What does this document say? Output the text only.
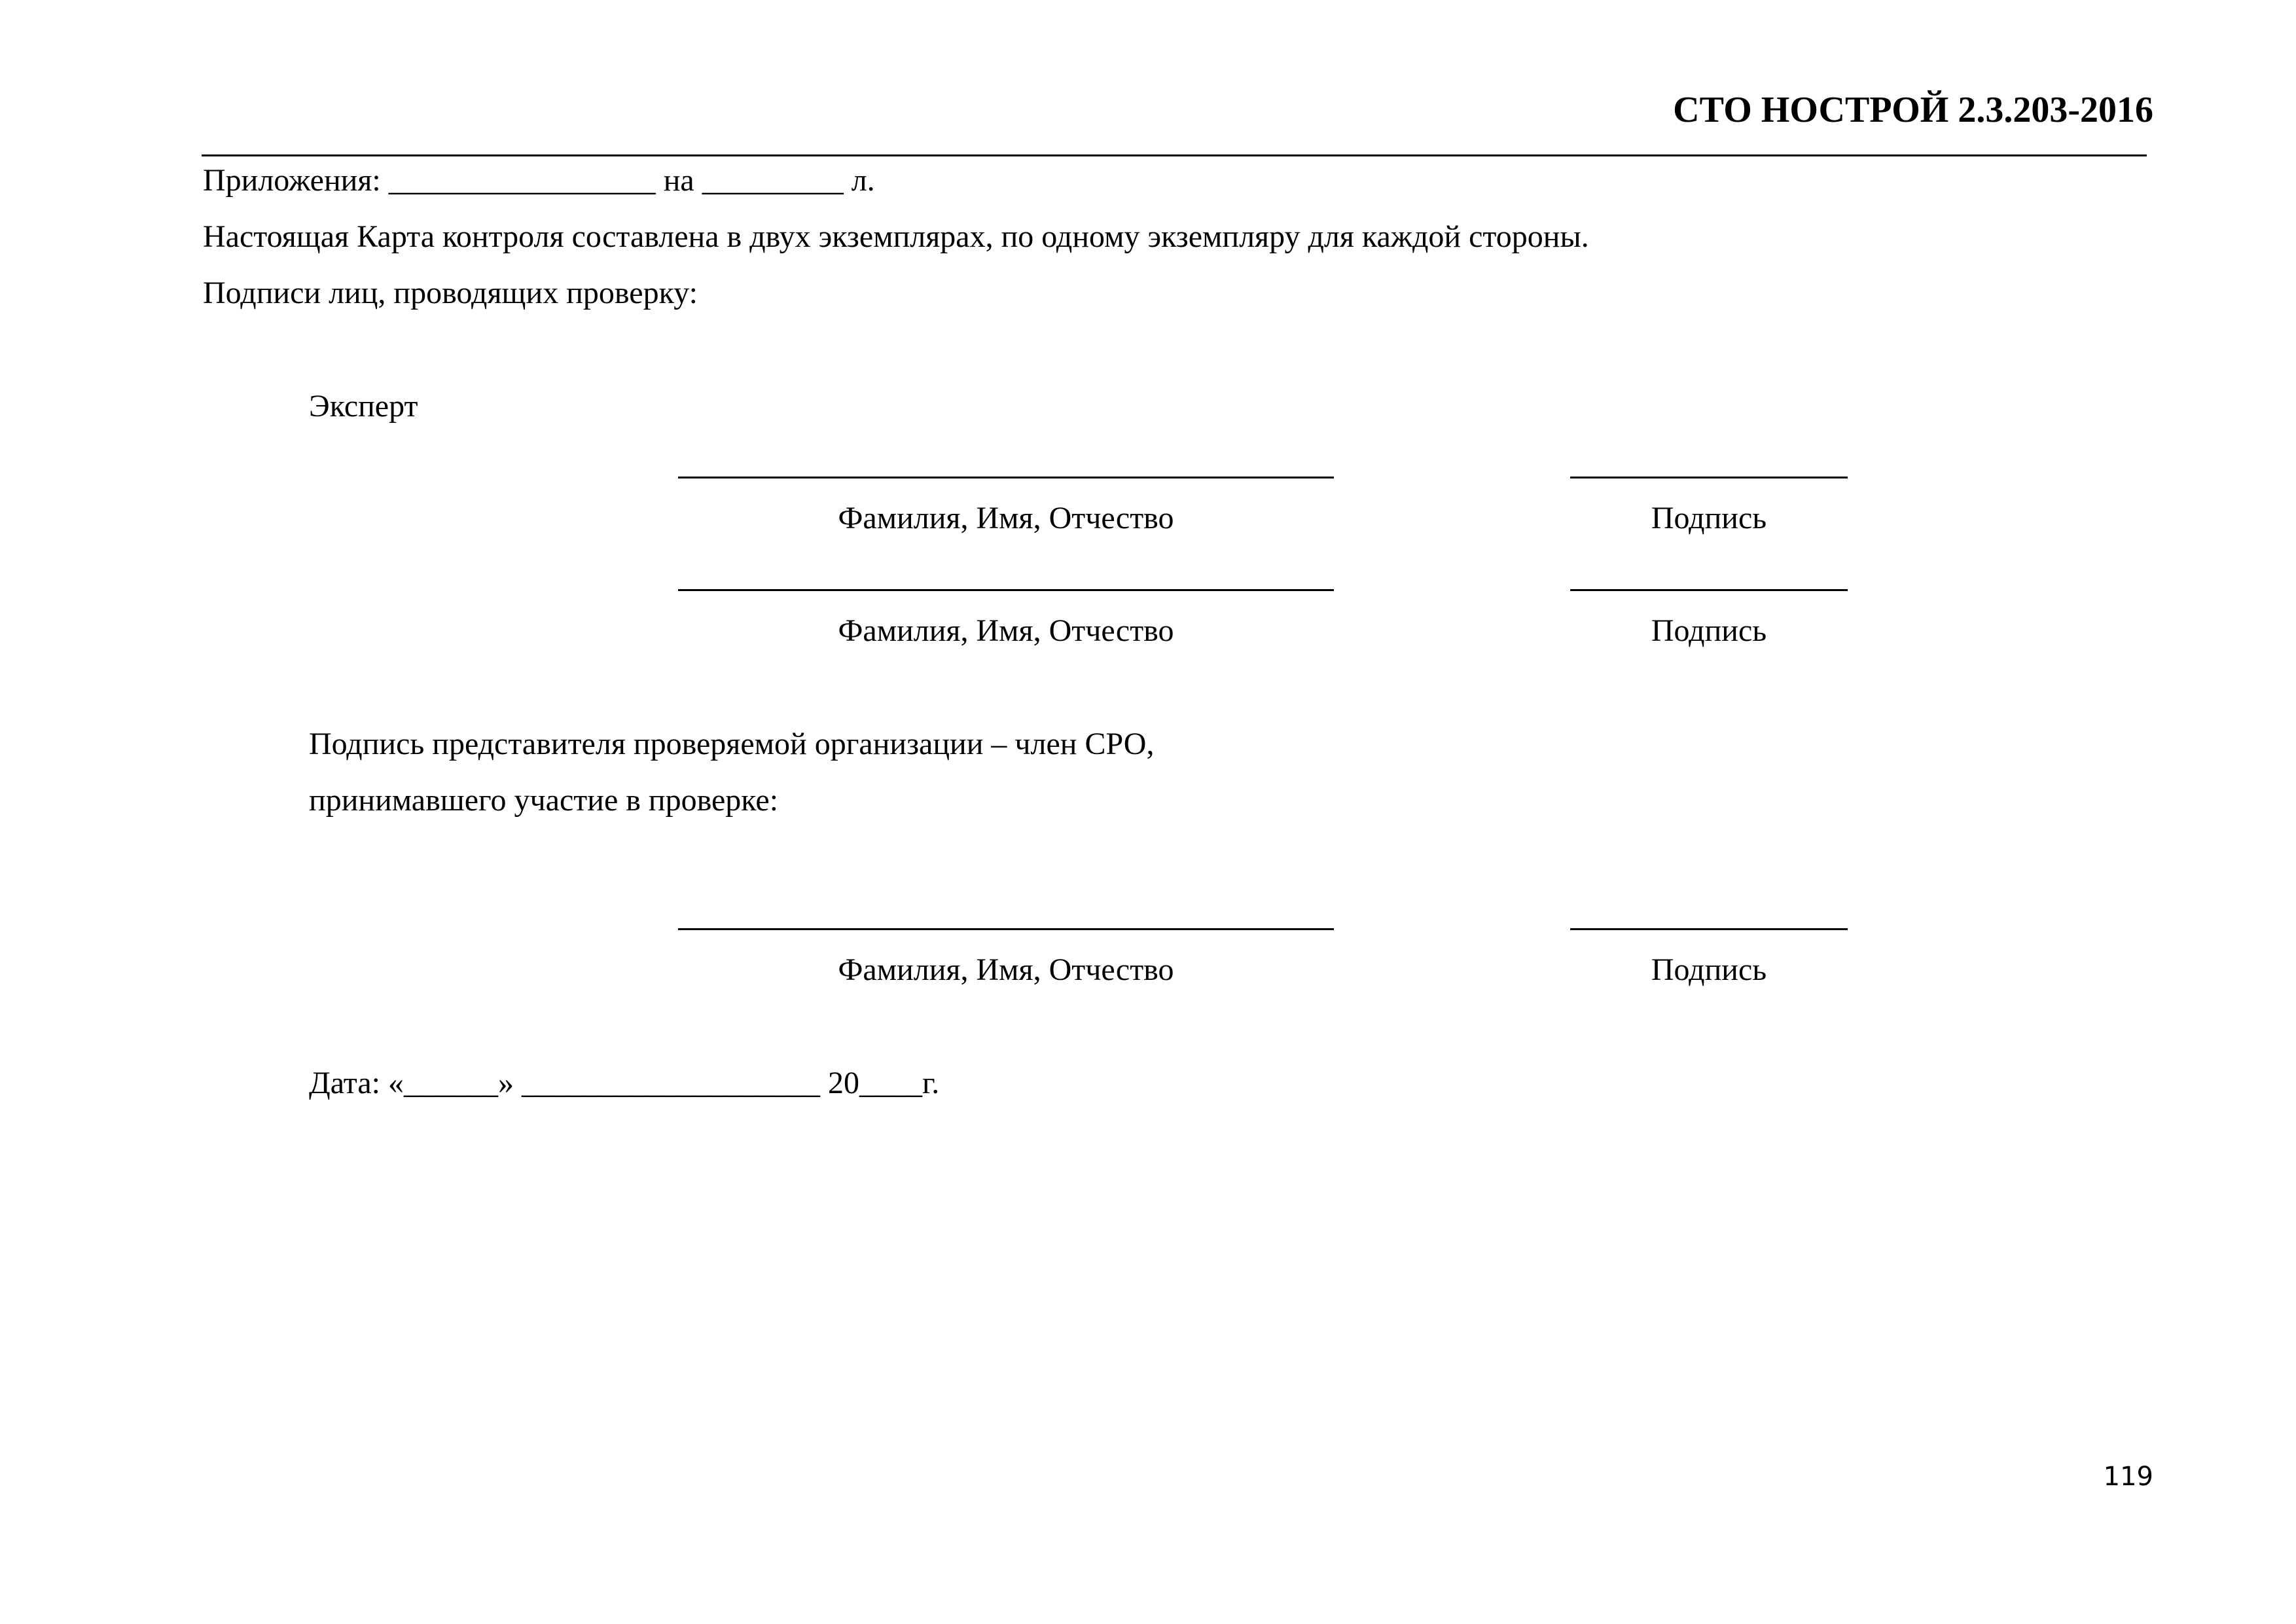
СТО НОСТРОЙ 2.3.203-2016
Приложения: _________________ на _________ л.
Настоящая Карта контроля составлена в двух экземплярах, по одному экземпляру для каждой стороны.
Подписи лиц, проводящих проверку:
Эксперт
Фамилия, Имя, Отчество	Подпись
Фамилия, Имя, Отчество	Подпись
Подпись представителя проверяемой организации – член СРО,
принимавшего участие в проверке:
Фамилия, Имя, Отчество	Подпись
Дата: «______» ___________________ 20____г.
119
